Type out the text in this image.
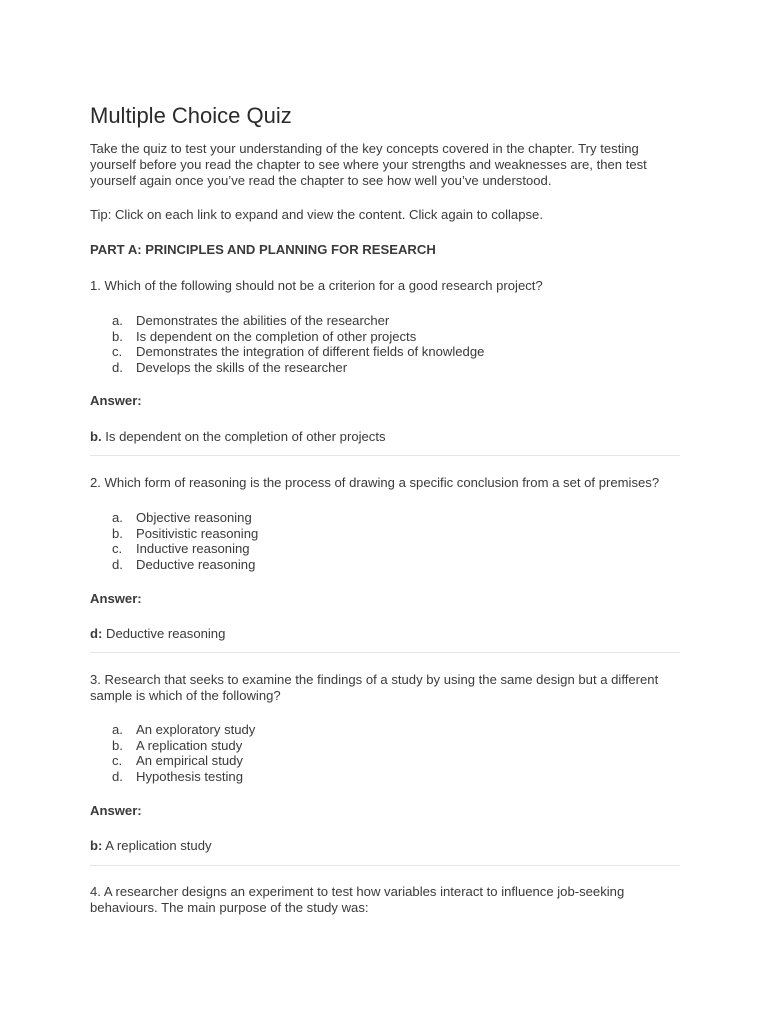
Multiple Choice Quiz

Take the quiz to test your understanding of the key concepts covered in the chapter. Try testing yourself before you read the chapter to see where your strengths and weaknesses are, then test yourself again once you’ve read the chapter to see how well you’ve understood.

Tip: Click on each link to expand and view the content. Click again to collapse.

PART A: PRINCIPLES AND PLANNING FOR RESEARCH

1. Which of the following should not be a criterion for a good research project?

a. Demonstrates the abilities of the researcher
b. Is dependent on the completion of other projects
c.	Demonstrates the integration of different fields of knowledge
d. Develops the skills of the researcher

Answer:

b. Is dependent on the completion of other projects

2. Which form of reasoning is the process of drawing a specific conclusion from a set of premises?

a. Objective reasoning
b. Positivistic reasoning
c.	Inductive reasoning
d. Deductive reasoning

Answer:

d: Deductive reasoning

3. Research that seeks to examine the findings of a study by using the same design but a different sample is which of the following?

a. An exploratory study
b. A replication study
c.	An empirical study
d. Hypothesis testing

Answer:

b: A replication study

4. A researcher designs an experiment to test how variables interact to influence job-seeking behaviours. The main purpose of the study was:
